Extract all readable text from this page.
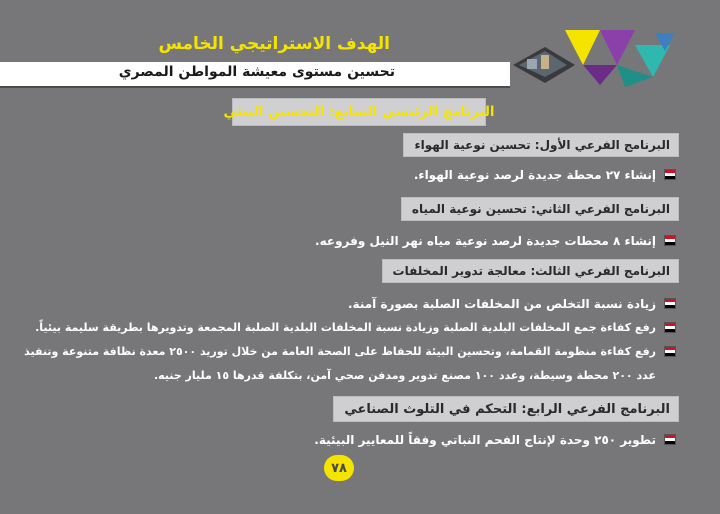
الهدف الاستراتيجي الخامس
تحسين مستوى معيشة المواطن المصري
البرنامج الرئيسي السابع: التحسين البيئي
البرنامج الفرعي الأول: تحسين نوعية الهواء
إنشاء ٢٧ محطة جديدة لرصد نوعية الهواء.
البرنامج الفرعي الثاني: تحسين نوعية المياه
إنشاء ٨ محطات جديدة لرصد نوعية مياه نهر النيل وفروعه.
البرنامج الفرعي الثالث: معالجة تدوير المخلفات
زيادة نسبة التخلص من المخلفات الصلبة بصورة آمنة.
رفع كفاءة جمع المخلفات البلدية الصلبة وزيادة نسبة المخلفات البلدية الصلبة المجمعة وتدويرها بطريقة سليمة بيئياً.
رفع كفاءة منظومة القمامة، وتحسين البيئة للحفاظ على الصحة العامة من خلال توريد ٢٥٠٠ معدة نظافة متنوعة وتنفيذ عدد ٢٠٠ محطة وسيطة، وعدد ١٠٠ مصنع تدوير ومدفن صحي آمن، بتكلفة قدرها ١٥ مليار جنيه.
البرنامج الفرعي الرابع: التحكم في التلوث الصناعي
تطوير ٢٥٠ وحدة لإنتاج الفحم النباتي وفقاً للمعايير البيئية.
٧٨
